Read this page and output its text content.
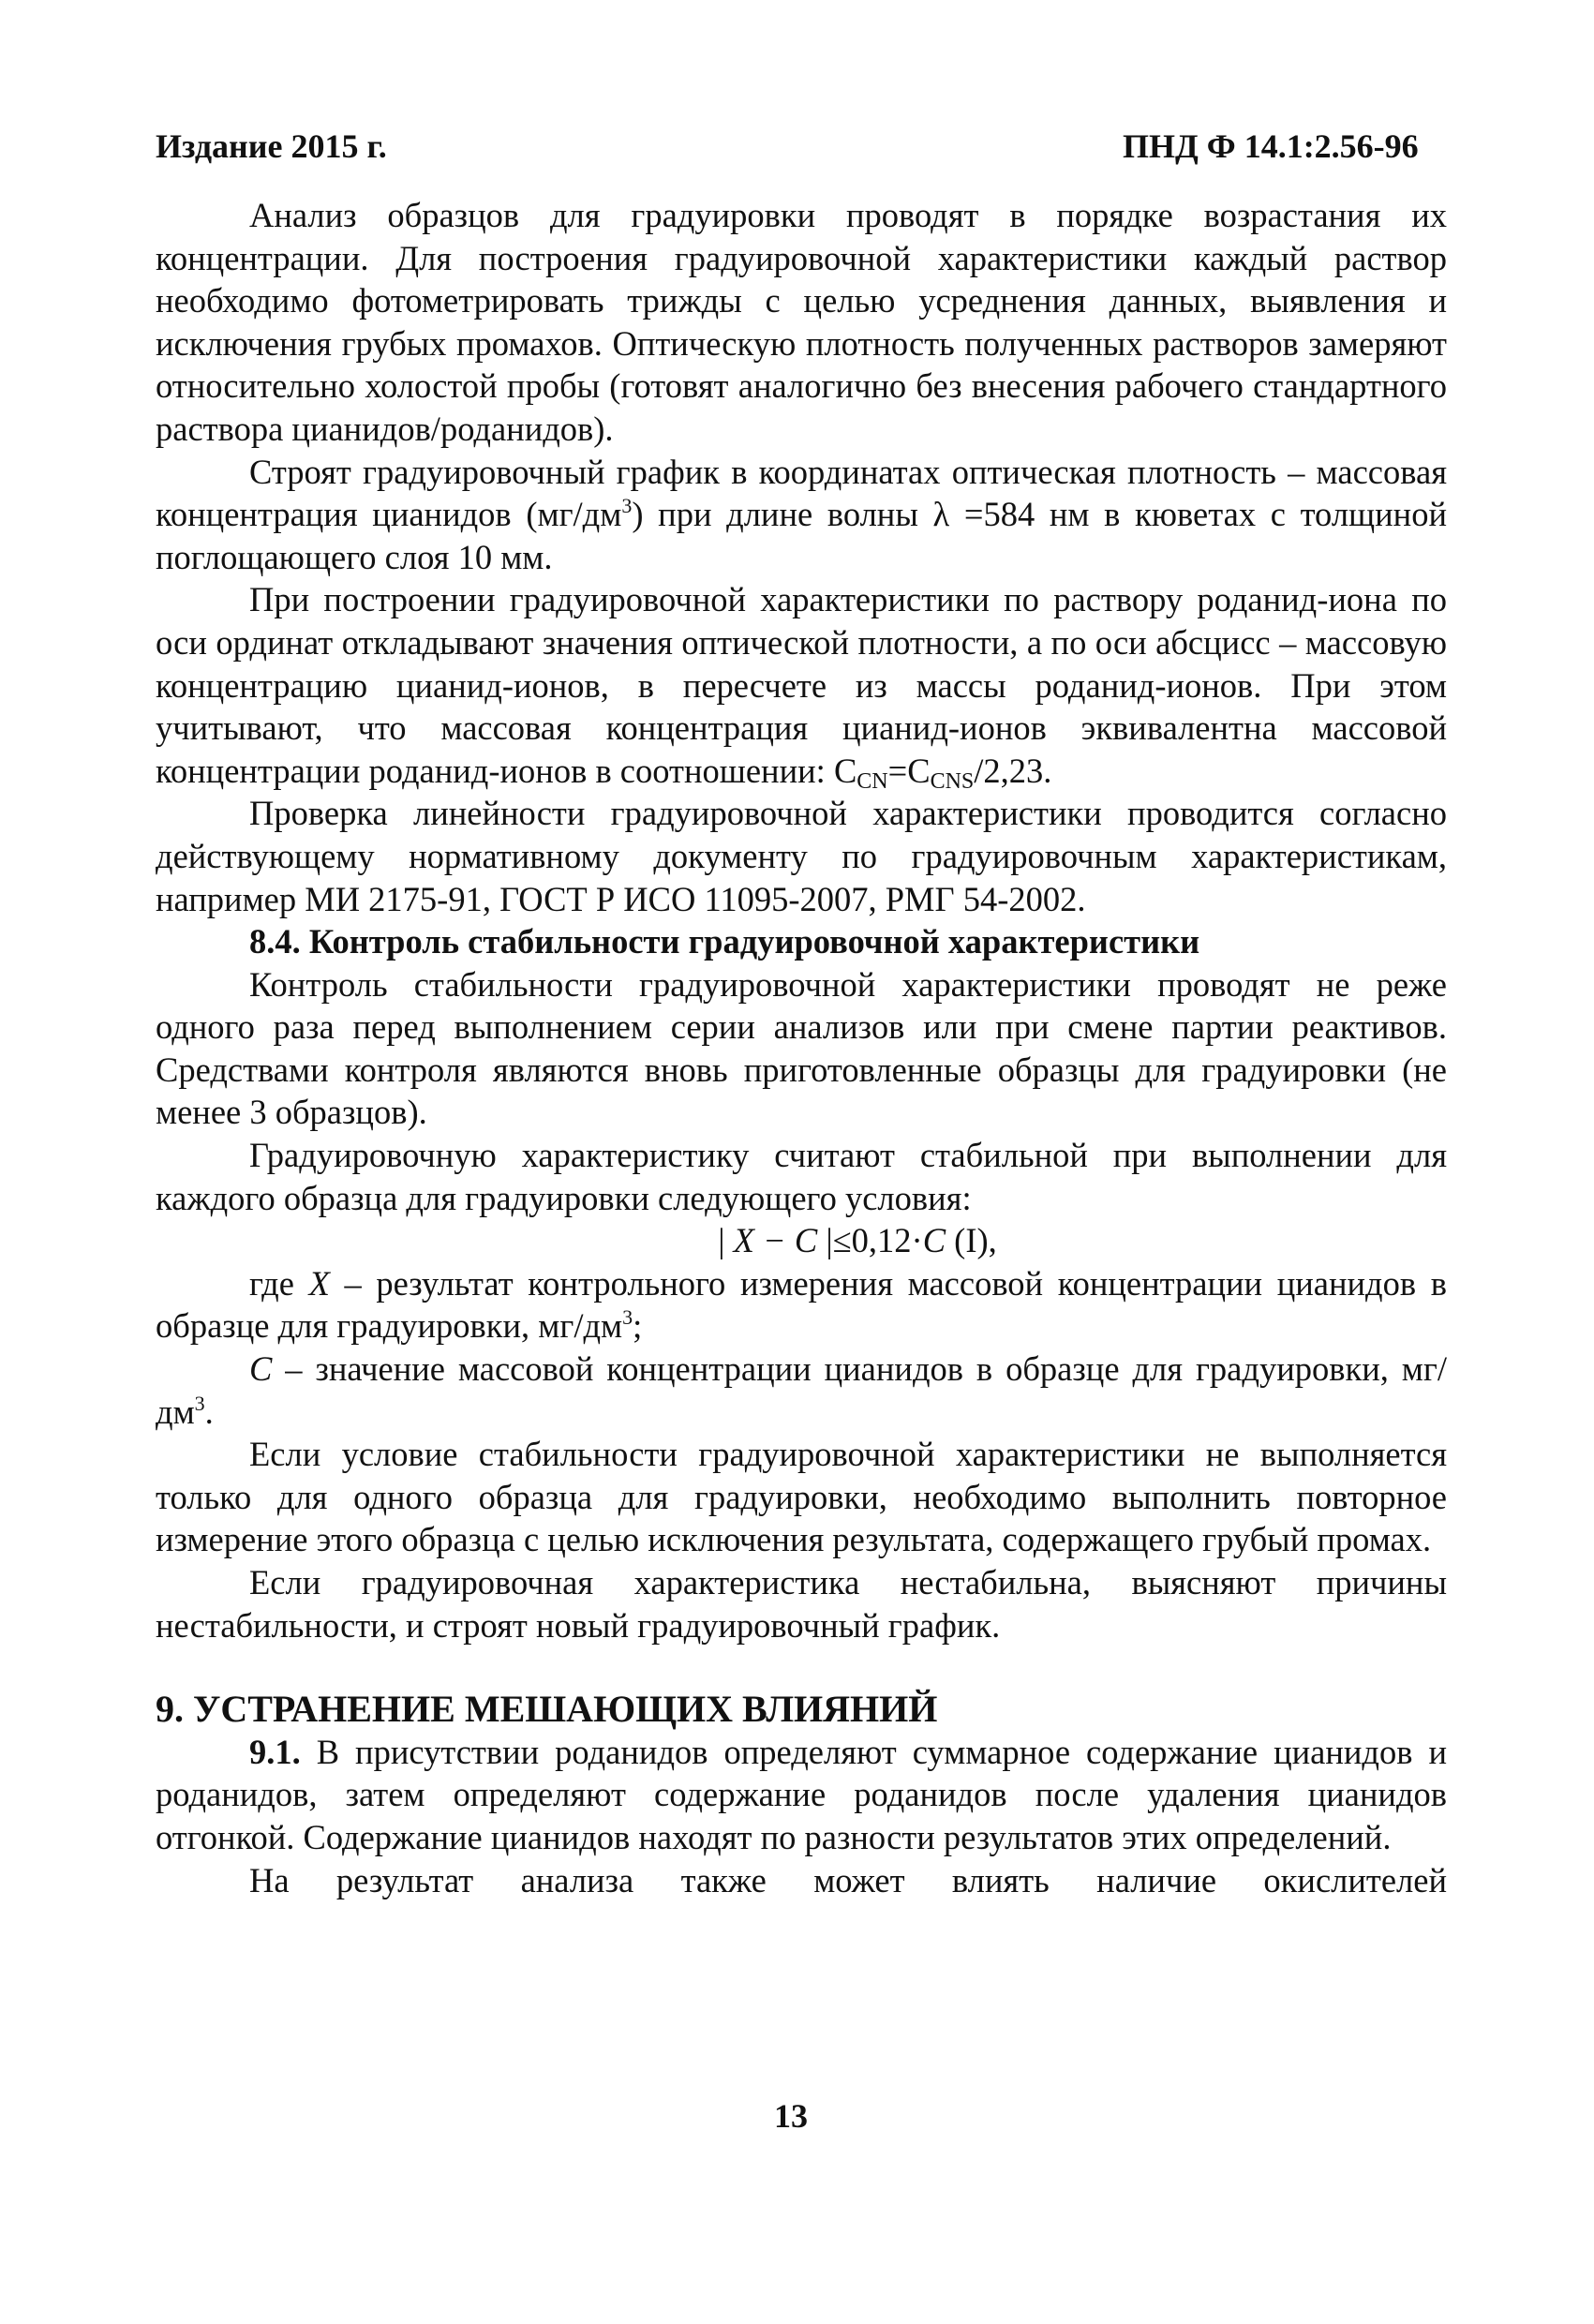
Издание 2015 г.	ПНД Ф 14.1:2.56-96

Анализ образцов для градуировки проводят в порядке возрастания их концентрации. Для построения градуировочной характеристики каждый раствор необходимо фотометрировать трижды с целью усреднения данных, выявления и исключения грубых промахов. Оптическую плотность полученных растворов замеряют относительно холостой пробы (готовят аналогично без внесения рабочего стандартного раствора цианидов/роданидов).

Строят градуировочный график в координатах оптическая плотность – массовая концентрация цианидов $(мг/дм^3)$ при длине волны λ =584 нм в кюветах с толщиной поглощающего слоя 10 мм.

При построении градуировочной характеристики по раствору роданид-иона по оси ординат откладывают значения оптической плотности, а по оси абсцисс – массовую концентрацию цианид-ионов, в пересчете из массы роданид-ионов. При этом учитывают, что массовая концентрация цианид-ионов эквивалентна массовой концентрации роданид-ионов в соотношении: $C_{CN}=C_{CNS}/2,23$.

Проверка линейности градуировочной характеристики проводится согласно действующему нормативному документу по градуировочным характеристикам, например МИ 2175-91, ГОСТ Р ИСО 11095-2007, РМГ 54-2002.

8.4. Контроль стабильности градуировочной характеристики

Контроль стабильности градуировочной характеристики проводят не реже одного раза перед выполнением серии анализов или при смене партии реактивов. Средствами контроля являются вновь приготовленные образцы для градуировки (не менее 3 образцов).

Градуировочную характеристику считают стабильной при выполнении для каждого образца для градуировки следующего условия:

| X − C |≤0,12·C (I),

где X – результат контрольного измерения массовой концентрации цианидов в образце для градуировки, $мг/дм^3$;

C – значение массовой концентрации цианидов в образце для градуировки, $мг/дм^3$.

Если условие стабильности градуировочной характеристики не выполняется только для одного образца для градуировки, необходимо выполнить повторное измерение этого образца с целью исключения результата, содержащего грубый промах.

Если градуировочная характеристика нестабильна, выясняют причины нестабильности, и строят новый градуировочный график.

9. УСТРАНЕНИЕ МЕШАЮЩИХ ВЛИЯНИЙ

9.1. В присутствии роданидов определяют суммарное содержание цианидов и роданидов, затем определяют содержание роданидов после удаления цианидов отгонкой. Содержание цианидов находят по разности результатов этих определений.

На результат анализа также может влиять наличие окислителей

13
